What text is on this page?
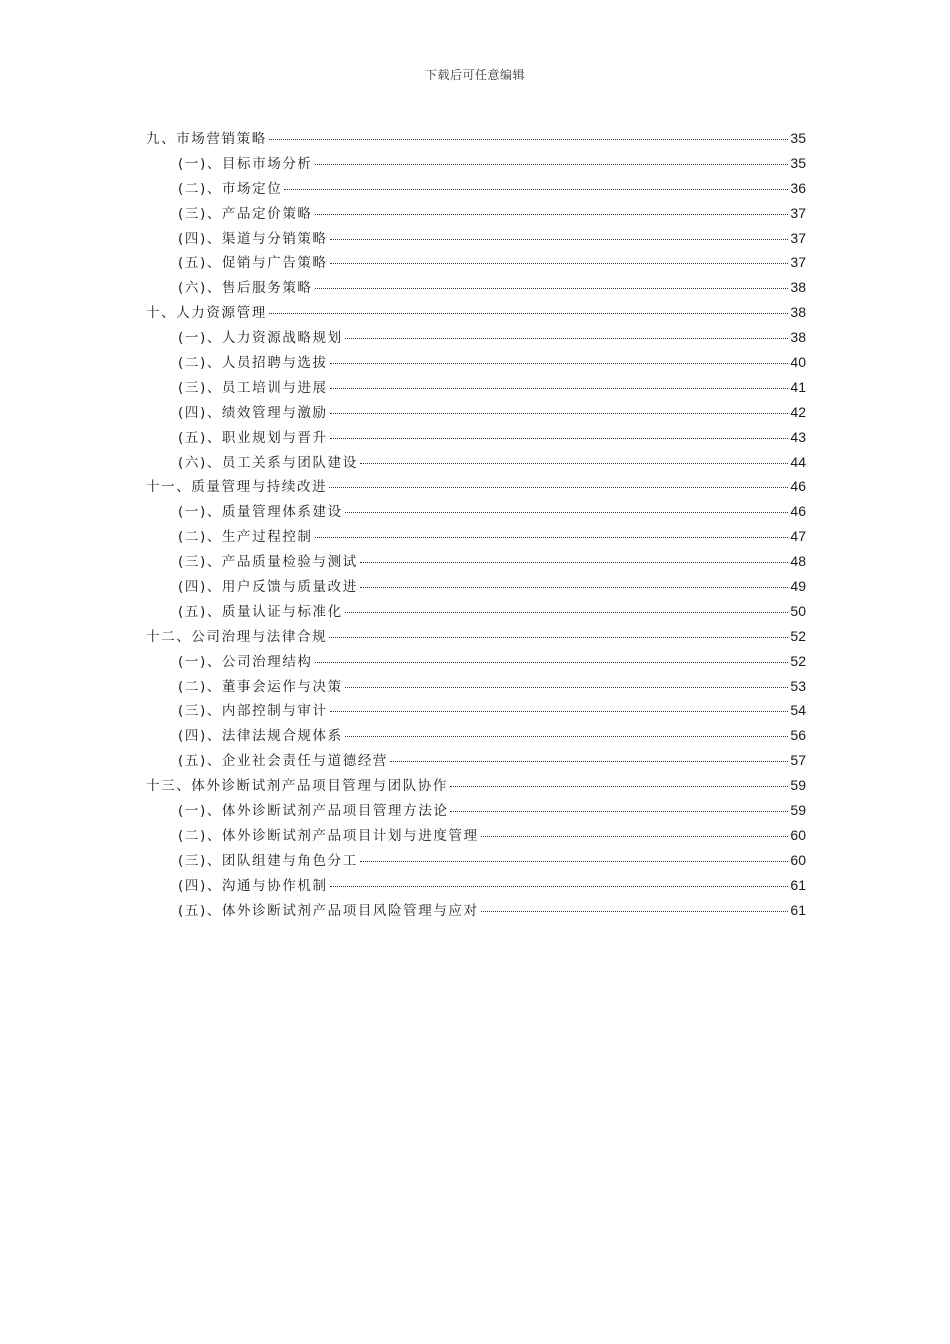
下载后可任意编辑
九、市场营销策略	35
(一)、目标市场分析	35
(二)、市场定位	36
(三)、产品定价策略	37
(四)、渠道与分销策略	37
(五)、促销与广告策略	37
(六)、售后服务策略	38
十、人力资源管理	38
(一)、人力资源战略规划	38
(二)、人员招聘与选拔	40
(三)、员工培训与进展	41
(四)、绩效管理与激励	42
(五)、职业规划与晋升	43
(六)、员工关系与团队建设	44
十一、质量管理与持续改进	46
(一)、质量管理体系建设	46
(二)、生产过程控制	47
(三)、产品质量检验与测试	48
(四)、用户反馈与质量改进	49
(五)、质量认证与标准化	50
十二、公司治理与法律合规	52
(一)、公司治理结构	52
(二)、董事会运作与决策	53
(三)、内部控制与审计	54
(四)、法律法规合规体系	56
(五)、企业社会责任与道德经营	57
十三、体外诊断试剂产品项目管理与团队协作	59
(一)、体外诊断试剂产品项目管理方法论	59
(二)、体外诊断试剂产品项目计划与进度管理	60
(三)、团队组建与角色分工	60
(四)、沟通与协作机制	61
(五)、体外诊断试剂产品项目风险管理与应对	61
